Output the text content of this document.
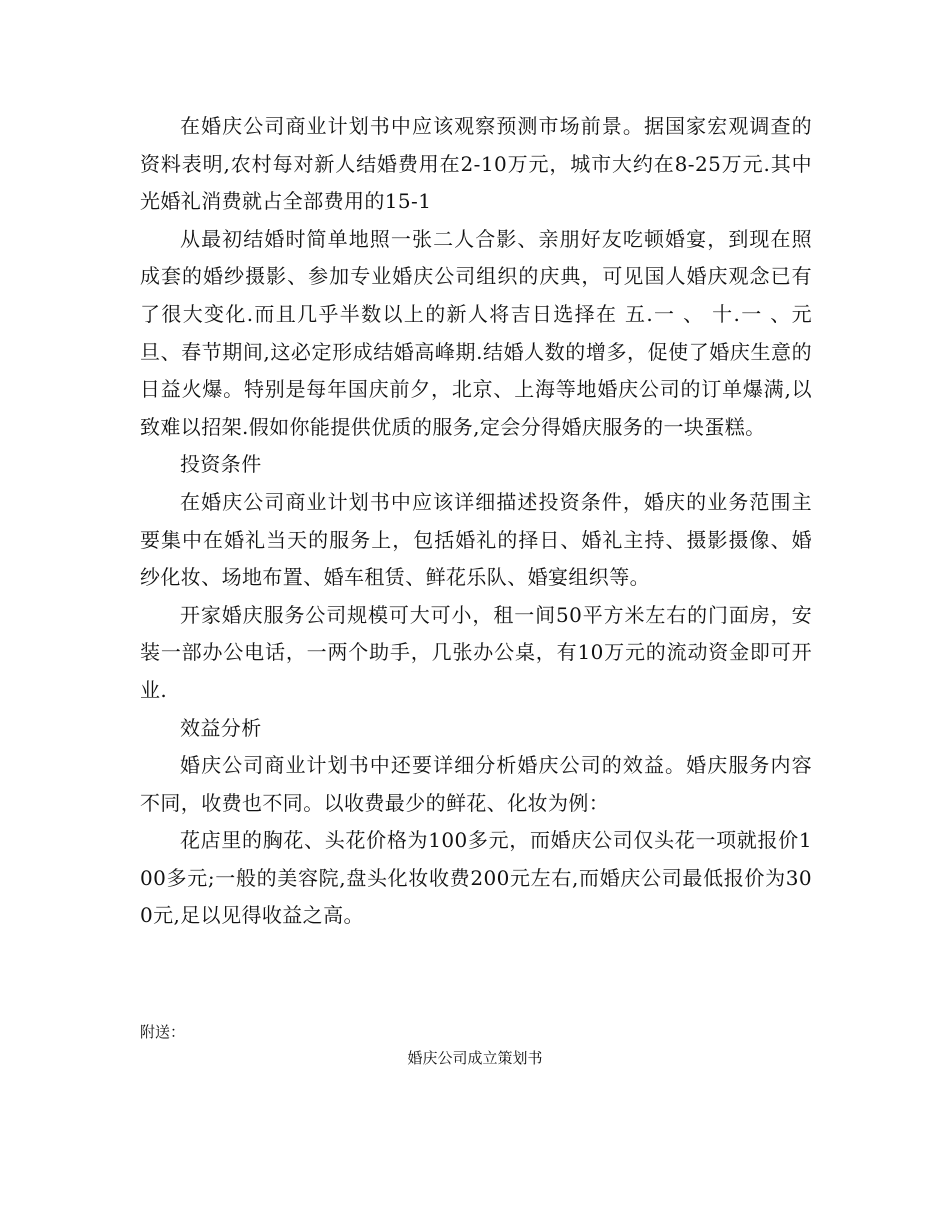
在婚庆公司商业计划书中应该观察预测市场前景。据国家宏观调查的资料表明,农村每对新人结婚费用在2-10万元，城市大约在8-25万元.其中光婚礼消费就占全部费用的15-1

从最初结婚时简单地照一张二人合影、亲朋好友吃顿婚宴，到现在照成套的婚纱摄影、参加专业婚庆公司组织的庆典，可见国人婚庆观念已有了很大变化.而且几乎半数以上的新人将吉日选择在 五.一 、 十.一 、元旦、春节期间,这必定形成结婚高峰期.结婚人数的增多，促使了婚庆生意的日益火爆。特别是每年国庆前夕，北京、上海等地婚庆公司的订单爆满,以致难以招架.假如你能提供优质的服务,定会分得婚庆服务的一块蛋糕。

投资条件

在婚庆公司商业计划书中应该详细描述投资条件，婚庆的业务范围主要集中在婚礼当天的服务上，包括婚礼的择日、婚礼主持、摄影摄像、婚纱化妆、场地布置、婚车租赁、鲜花乐队、婚宴组织等。

开家婚庆服务公司规模可大可小，租一间50平方米左右的门面房，安装一部办公电话，一两个助手，几张办公桌，有10万元的流动资金即可开业.

效益分析

婚庆公司商业计划书中还要详细分析婚庆公司的效益。婚庆服务内容不同，收费也不同。以收费最少的鲜花、化妆为例：

花店里的胸花、头花价格为100多元，而婚庆公司仅头花一项就报价100多元;一般的美容院,盘头化妆收费200元左右,而婚庆公司最低报价为300元,足以见得收益之高。

附送：

婚庆公司成立策划书
